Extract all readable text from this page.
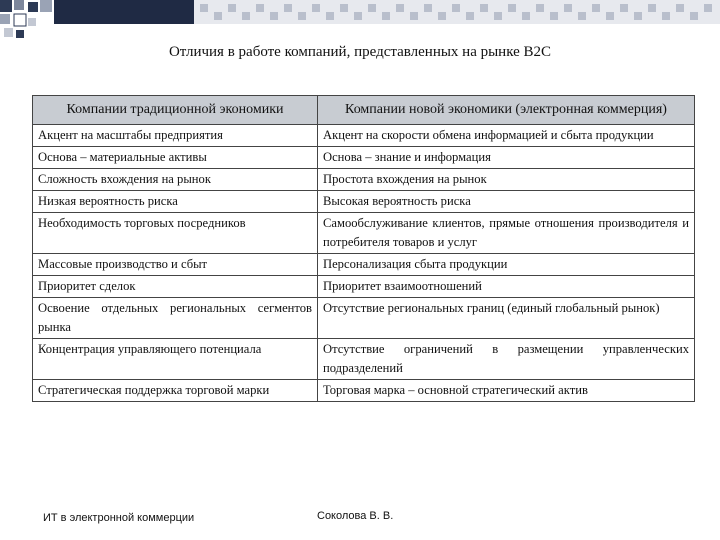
Отличия в работе компаний, представленных на рынке B2C
Компании традиционной экономики	Компании новой экономики (электронная коммерция)
Акцент на масштабы предприятия	Акцент на скорости обмена информацией и сбыта продукции
Основа – материальные активы	Основа – знание и информация
Сложность вхождения на рынок	Простота вхождения на рынок
Низкая вероятность риска	Высокая вероятность риска
Необходимость торговых посредников	Самообслуживание клиентов, прямые отношения производителя и потребителя товаров и услуг
Массовые производство и сбыт	Персонализация сбыта продукции
Приоритет сделок	Приоритет взаимоотношений
Освоение отдельных региональных сегментов рынка	Отсутствие региональных границ (единый глобальный рынок)
Концентрация управляющего потенциала	Отсутствие ограничений в размещении управленческих подразделений
Стратегическая поддержка торговой марки	Торговая марка – основной стратегический актив
ИТ в электронной коммерции	Соколова В. В.
